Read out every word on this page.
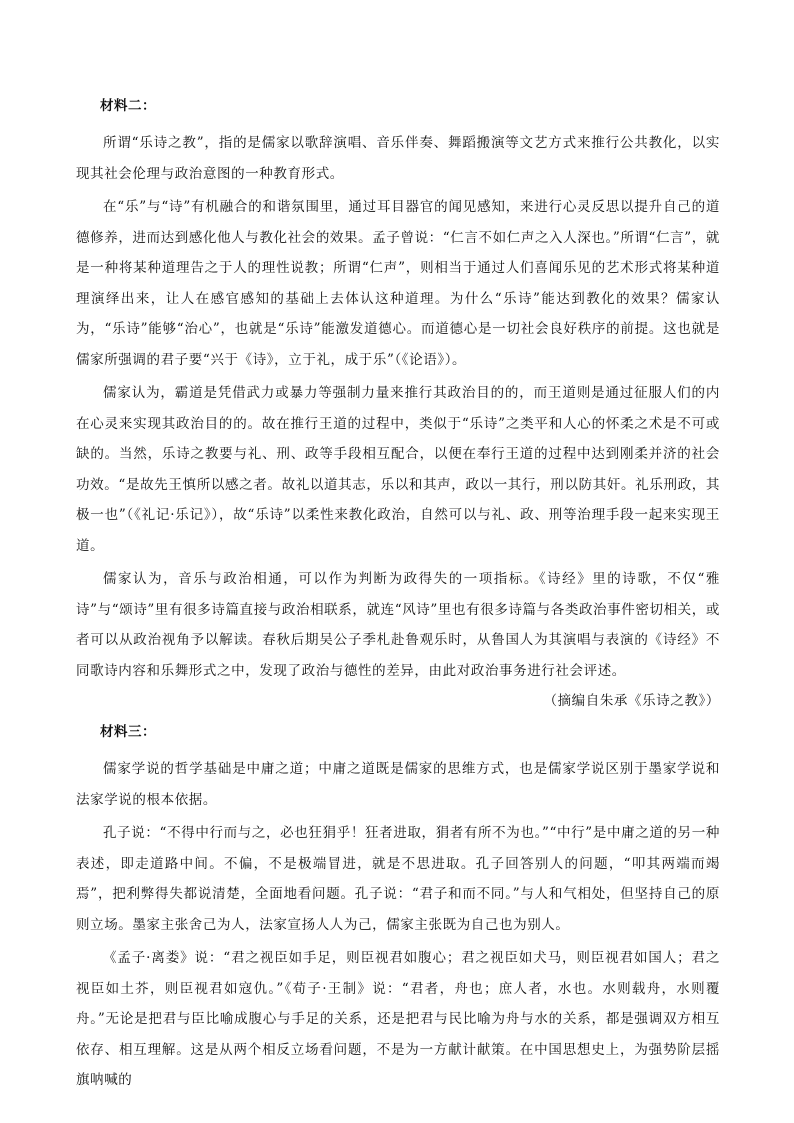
材料二：

所谓“乐诗之教”，指的是儒家以歌辞演唱、音乐伴奏、舞蹈搬演等文艺方式来推行公共教化，以实现其社会伦理与政治意图的一种教育形式。

在“乐”与“诗”有机融合的和谐氛围里，通过耳目器官的闻见感知，来进行心灵反思以提升自己的道德修养，进而达到感化他人与教化社会的效果。孟子曾说：“仁言不如仁声之入人深也。”所谓“仁言”，就是一种将某种道理告之于人的理性说教；所谓“仁声”，则相当于通过人们喜闻乐见的艺术形式将某种道理演绎出来，让人在感官感知的基础上去体认这种道理。为什么“乐诗”能达到教化的效果？儒家认为，“乐诗”能够“治心”，也就是“乐诗”能激发道德心。而道德心是一切社会良好秩序的前提。这也就是儒家所强调的君子要“兴于《诗》，立于礼，成于乐”（《论语》）。

儒家认为，霸道是凭借武力或暴力等强制力量来推行其政治目的的，而王道则是通过征服人们的内在心灵来实现其政治目的的。故在推行王道的过程中，类似于“乐诗”之类平和人心的怀柔之术是不可或缺的。当然，乐诗之教要与礼、刑、政等手段相互配合，以便在奉行王道的过程中达到刚柔并济的社会功效。“是故先王慎所以感之者。故礼以道其志，乐以和其声，政以一其行，刑以防其奸。礼乐刑政，其极一也”（《礼记·乐记》），故“乐诗”以柔性来教化政治，自然可以与礼、政、刑等治理手段一起来实现王道。

儒家认为，音乐与政治相通，可以作为判断为政得失的一项指标。《诗经》里的诗歌，不仅“雅诗”与“颂诗”里有很多诗篇直接与政治相联系，就连“风诗”里也有很多诗篇与各类政治事件密切相关，或者可以从政治视角予以解读。春秋后期吴公子季札赴鲁观乐时，从鲁国人为其演唱与表演的《诗经》不同歌诗内容和乐舞形式之中，发现了政治与德性的差异，由此对政治事务进行社会评述。

（摘编自朱承《乐诗之教》）
材料三：

儒家学说的哲学基础是中庸之道；中庸之道既是儒家的思维方式，也是儒家学说区别于墨家学说和法家学说的根本依据。

孔子说：“不得中行而与之，必也狂狷乎！狂者进取，狷者有所不为也。”“中行”是中庸之道的另一种表述，即走道路中间。不偏，不是极端冒进，就是不思进取。孔子回答别人的问题，“叩其两端而竭焉”，把利弊得失都说清楚，全面地看问题。孔子说：“君子和而不同。”与人和气相处，但坚持自己的原则立场。墨家主张舍己为人，法家宣扬人人为己，儒家主张既为自己也为别人。

《孟子·离娄》说：“君之视臣如手足，则臣视君如腹心；君之视臣如犬马，则臣视君如国人；君之视臣如土芥，则臣视君如寇仇。”《荀子·王制》说：“君者，舟也；庶人者，水也。水则载舟，水则覆舟。”无论是把君与臣比喻成腹心与手足的关系，还是把君与民比喻为舟与水的关系，都是强调双方相互依存、相互理解。这是从两个相反立场看问题，不是为一方献计献策。在中国思想史上，为强势阶层摇旗呐喊的
